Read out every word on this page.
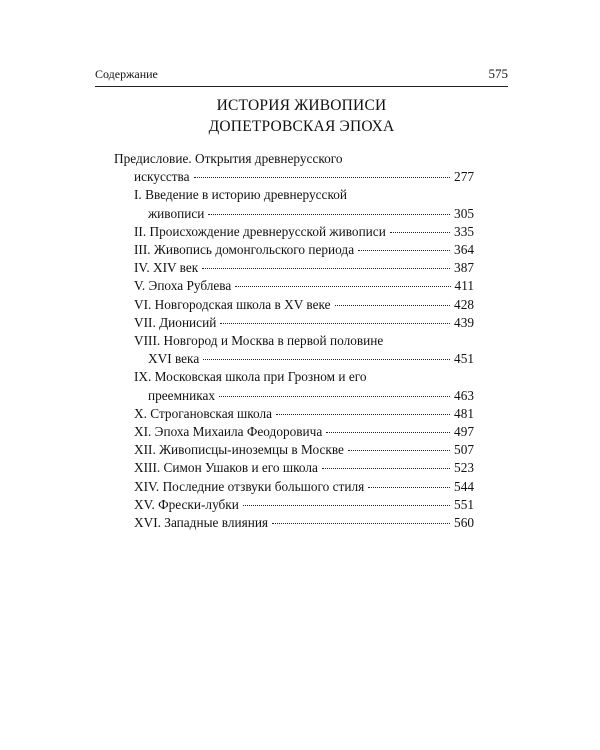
Содержание	575
ИСТОРИЯ ЖИВОПИСИ
ДОПЕТРОВСКАЯ ЭПОХА
Предисловие. Открытия древнерусского
искусства	277
I. Введение в историю древнерусской
живописи	305
II. Происхождение древнерусской живописи	335
III. Живопись домонгольского периода	364
IV. XIV век	387
V. Эпоха Рублева	411
VI. Новгородская школа в XV веке	428
VII. Дионисий	439
VIII. Новгород и Москва в первой половине
XVI века	451
IX. Московская школа при Грозном и его
преемниках	463
X. Строгановская школа	481
XI. Эпоха Михаила Феодоровича	497
XII. Живописцы-иноземцы в Москве	507
XIII. Симон Ушаков и его школа	523
XIV. Последние отзвуки большого стиля	544
XV. Фрески-лубки	551
XVI. Западные влияния	560
